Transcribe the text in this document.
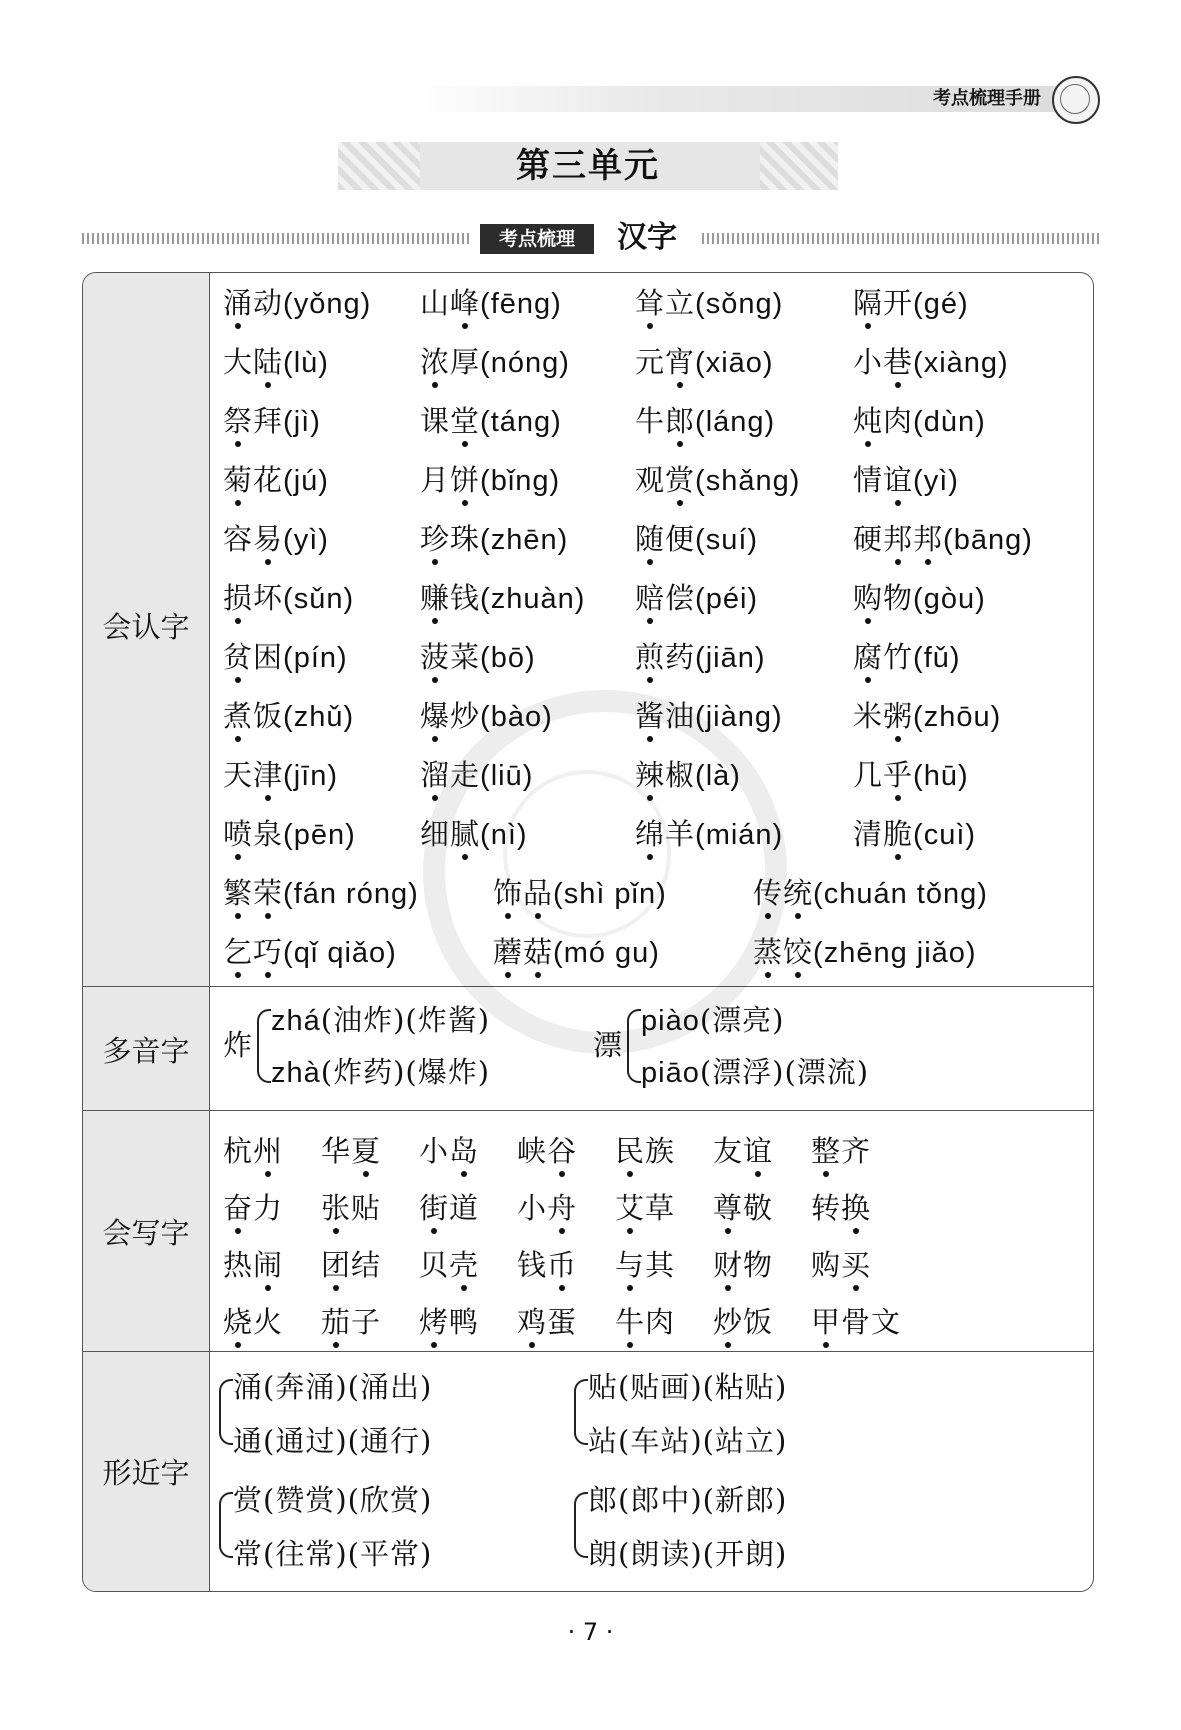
考点梳理手册
第三单元
考点梳理	汉字
会认字
多音字
会写字
形近字
涌动(yǒng) 山峰(fēng)	耸立(sǒng) 隔开(gé)
大陆(lù)	浓厚(nóng) 元宵(xiāo)	小巷(xiàng)
祭拜(jì)	课堂(táng)	牛郎(láng)	炖肉(dùn)
菊花(jú)	月饼(bǐng)	观赏(shǎng) 情谊(yì)
容易(yì)	珍珠(zhēn) 随便(suí)	硬邦邦(bāng)
损坏(sǔn) 赚钱(zhuàn) 赔偿(péi)	购物(gòu)
贫困(pín) 菠菜(bō)	煎药(jiān)	腐竹(fǔ)
煮饭(zhǔ) 爆炒(bào)	酱油(jiàng) 米粥(zhōu)
天津(jīn)	溜走(liū)	辣椒(là)	几乎(hū)
喷泉(pēn) 细腻(nì)	绵羊(mián) 清脆(cuì)
繁荣(fán róng)	饰品(shì pǐn)	传统(chuán tǒng)
乞巧(qǐ qiǎo)	蘑菇(mó gu)	蒸饺(zhēng jiǎo)
炸
zhá(油炸)(炸酱)
zhà(炸药)(爆炸)
漂
piào(漂亮)
piāo(漂浮)(漂流)
杭州 华夏 小岛 峡谷 民族 友谊 整齐
奋力 张贴 街道 小舟 艾草 尊敬 转换
热闹 团结 贝壳 钱币 与其 财物 购买
烧火 茄子 烤鸭 鸡蛋 牛肉 炒饭 甲骨文
涌(奔涌)(涌出)
通(通过)(通行)
贴(贴画)(粘贴)
站(车站)(站立)
赏(赞赏)(欣赏)
常(往常)(平常)
郎(郎中)(新郎)
朗(朗读)(开朗)
· 7 ·
